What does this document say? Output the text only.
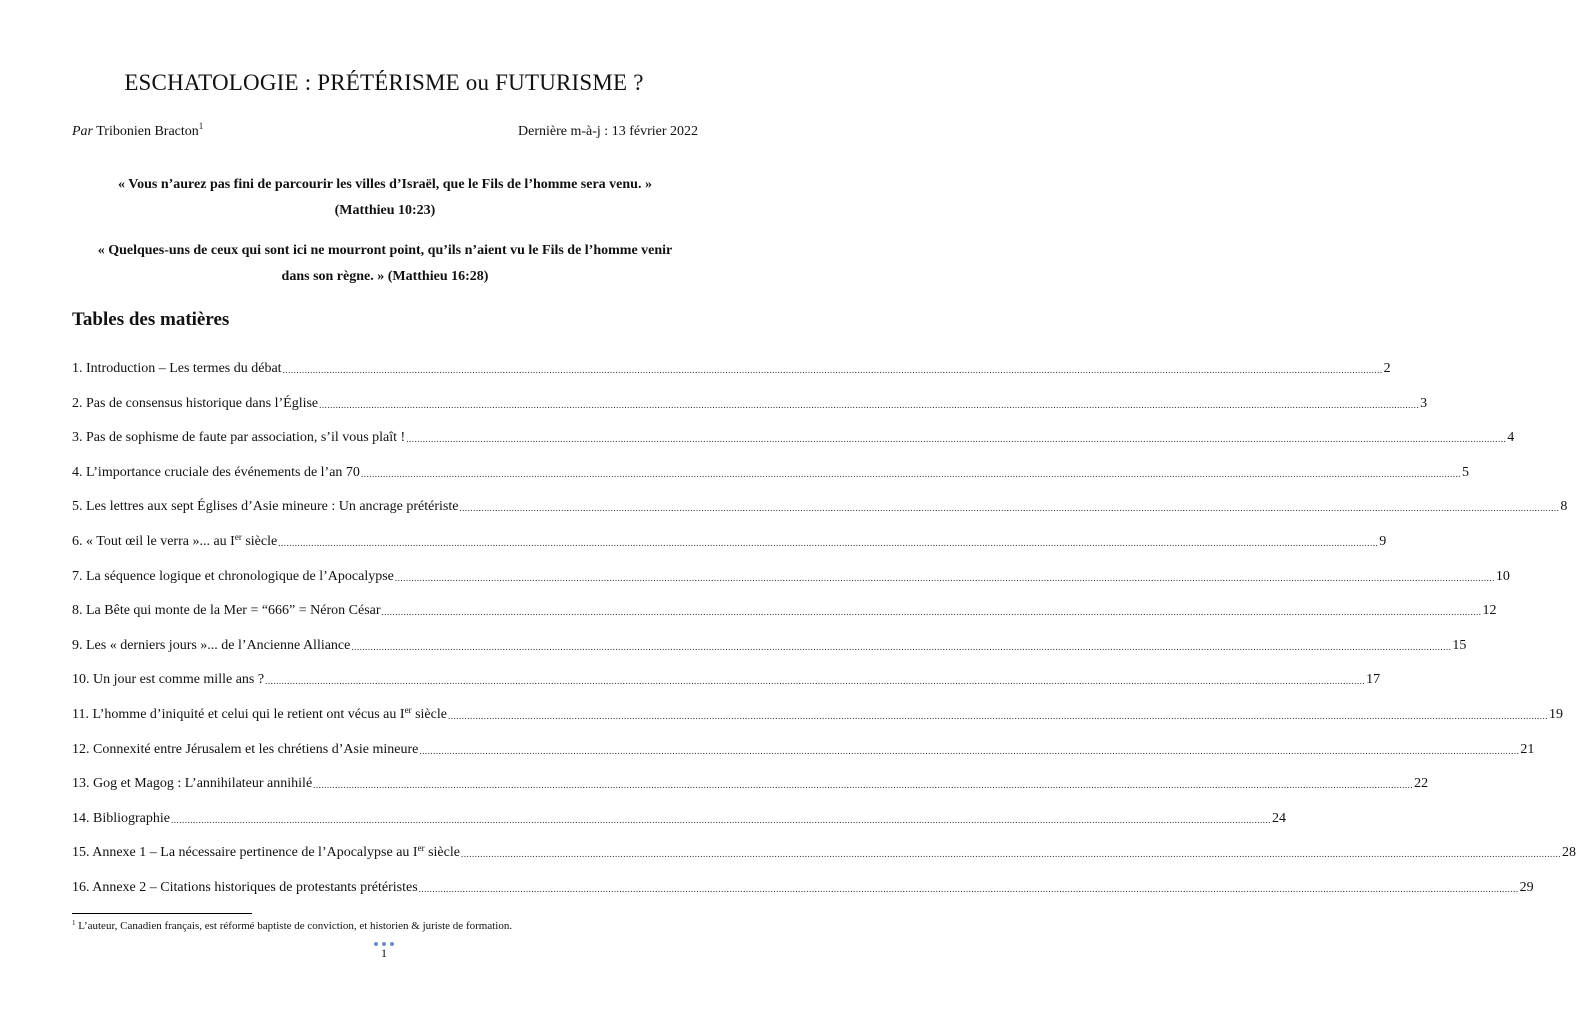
ESCHATOLOGIE : PRÉTÉRISME ou FUTURISME ?
Par Tribonien Bracton$^1$	Dernière m-à-j : 13 février 2022
« Vous n’aurez pas fini de parcourir les villes d’Israël, que le Fils de l’homme sera venu. »
(Matthieu 10:23)
« Quelques-uns de ceux qui sont ici ne mourront point, qu’ils n’aient vu le Fils de l’homme venir
dans son règne. » (Matthieu 16:28)
Tables des matières
1. Introduction – Les termes du débat ................................................................................................................................................................................................................................................................................................................................................................................................................ 2
2. Pas de consensus historique dans l’Église ................................................................................................................................................................................................................................................................................................................................................................................................................ 3
3. Pas de sophisme de faute par association, s’il vous plaît ! ................................................................................................................................................................................................................................................................................................................................................................................................................ 4
4. L’importance cruciale des événements de l’an 70 ................................................................................................................................................................................................................................................................................................................................................................................................................ 5
5. Les lettres aux sept Églises d’Asie mineure : Un ancrage prétériste ................................................................................................................................................................................................................................................................................................................................................................................................................ 8
6. « Tout œil le verra »... au Ier siècle ................................................................................................................................................................................................................................................................................................................................................................................................................ 9
7. La séquence logique et chronologique de l’Apocalypse ................................................................................................................................................................................................................................................................................................................................................................................................................ 10
8. La Bête qui monte de la Mer = “666” = Néron César ................................................................................................................................................................................................................................................................................................................................................................................................................ 12
9. Les « derniers jours »... de l’Ancienne Alliance ................................................................................................................................................................................................................................................................................................................................................................................................................ 15
10. Un jour est comme mille ans ? ................................................................................................................................................................................................................................................................................................................................................................................................................ 17
11. L’homme d’iniquité et celui qui le retient ont vécus au Ier siècle ................................................................................................................................................................................................................................................................................................................................................................................................................ 19
12. Connexité entre Jérusalem et les chrétiens d’Asie mineure ................................................................................................................................................................................................................................................................................................................................................................................................................ 21
13. Gog et Magog : L’annihilateur annihilé ................................................................................................................................................................................................................................................................................................................................................................................................................ 22
14. Bibliographie ................................................................................................................................................................................................................................................................................................................................................................................................................ 24
15. Annexe 1 – La nécessaire pertinence de l’Apocalypse au Ier siècle ................................................................................................................................................................................................................................................................................................................................................................................................................ 28
16. Annexe 2 – Citations historiques de protestants prétéristes ................................................................................................................................................................................................................................................................................................................................................................................................................ 29
$^1$ L’auteur, Canadien français, est réformé baptiste de conviction, et historien & juriste de formation.
1
